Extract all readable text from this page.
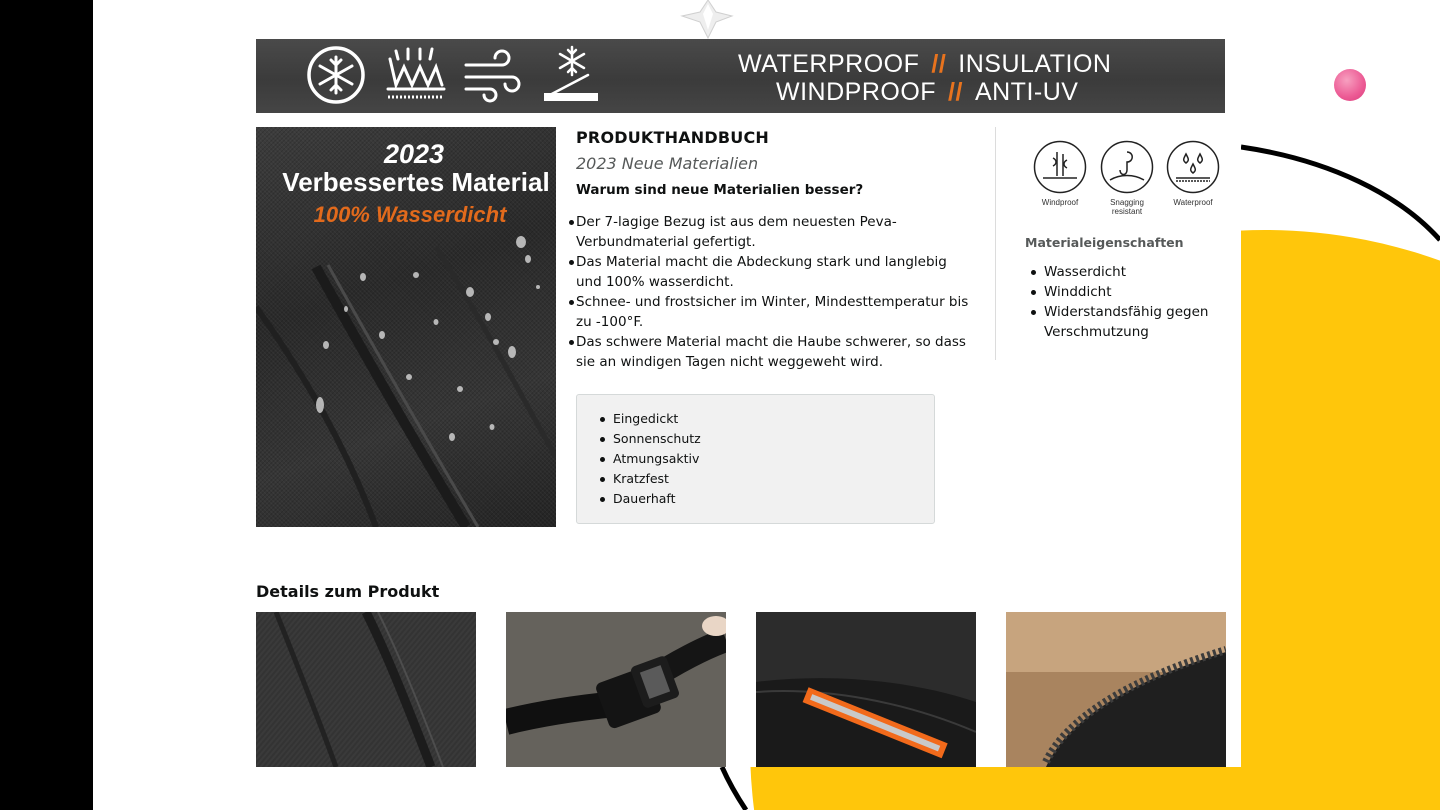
WATERPROOF // INSULATION
WINDPROOF // ANTI-UV
2023
Verbessertes Material
100% Wasserdicht
PRODUKTHANDBUCH
2023 Neue Materialien
Warum sind neue Materialien besser?
Der 7-lagige Bezug ist aus dem neuesten Peva-Verbundmaterial gefertigt.
Das Material macht die Abdeckung stark und langlebig und 100% wasserdicht.
Schnee- und frostsicher im Winter, Mindesttemperatur bis zu -100°F.
Das schwere Material macht die Haube schwerer, so dass sie an windigen Tagen nicht weggeweht wird.
Eingedickt
Sonnenschutz
Atmungsaktiv
Kratzfest
Dauerhaft
Windproof	Snagging resistant
Waterproof
Materialeigenschaften
Wasserdicht
Winddicht
Widerstandsfähig gegen Verschmutzung
Details zum Produkt
